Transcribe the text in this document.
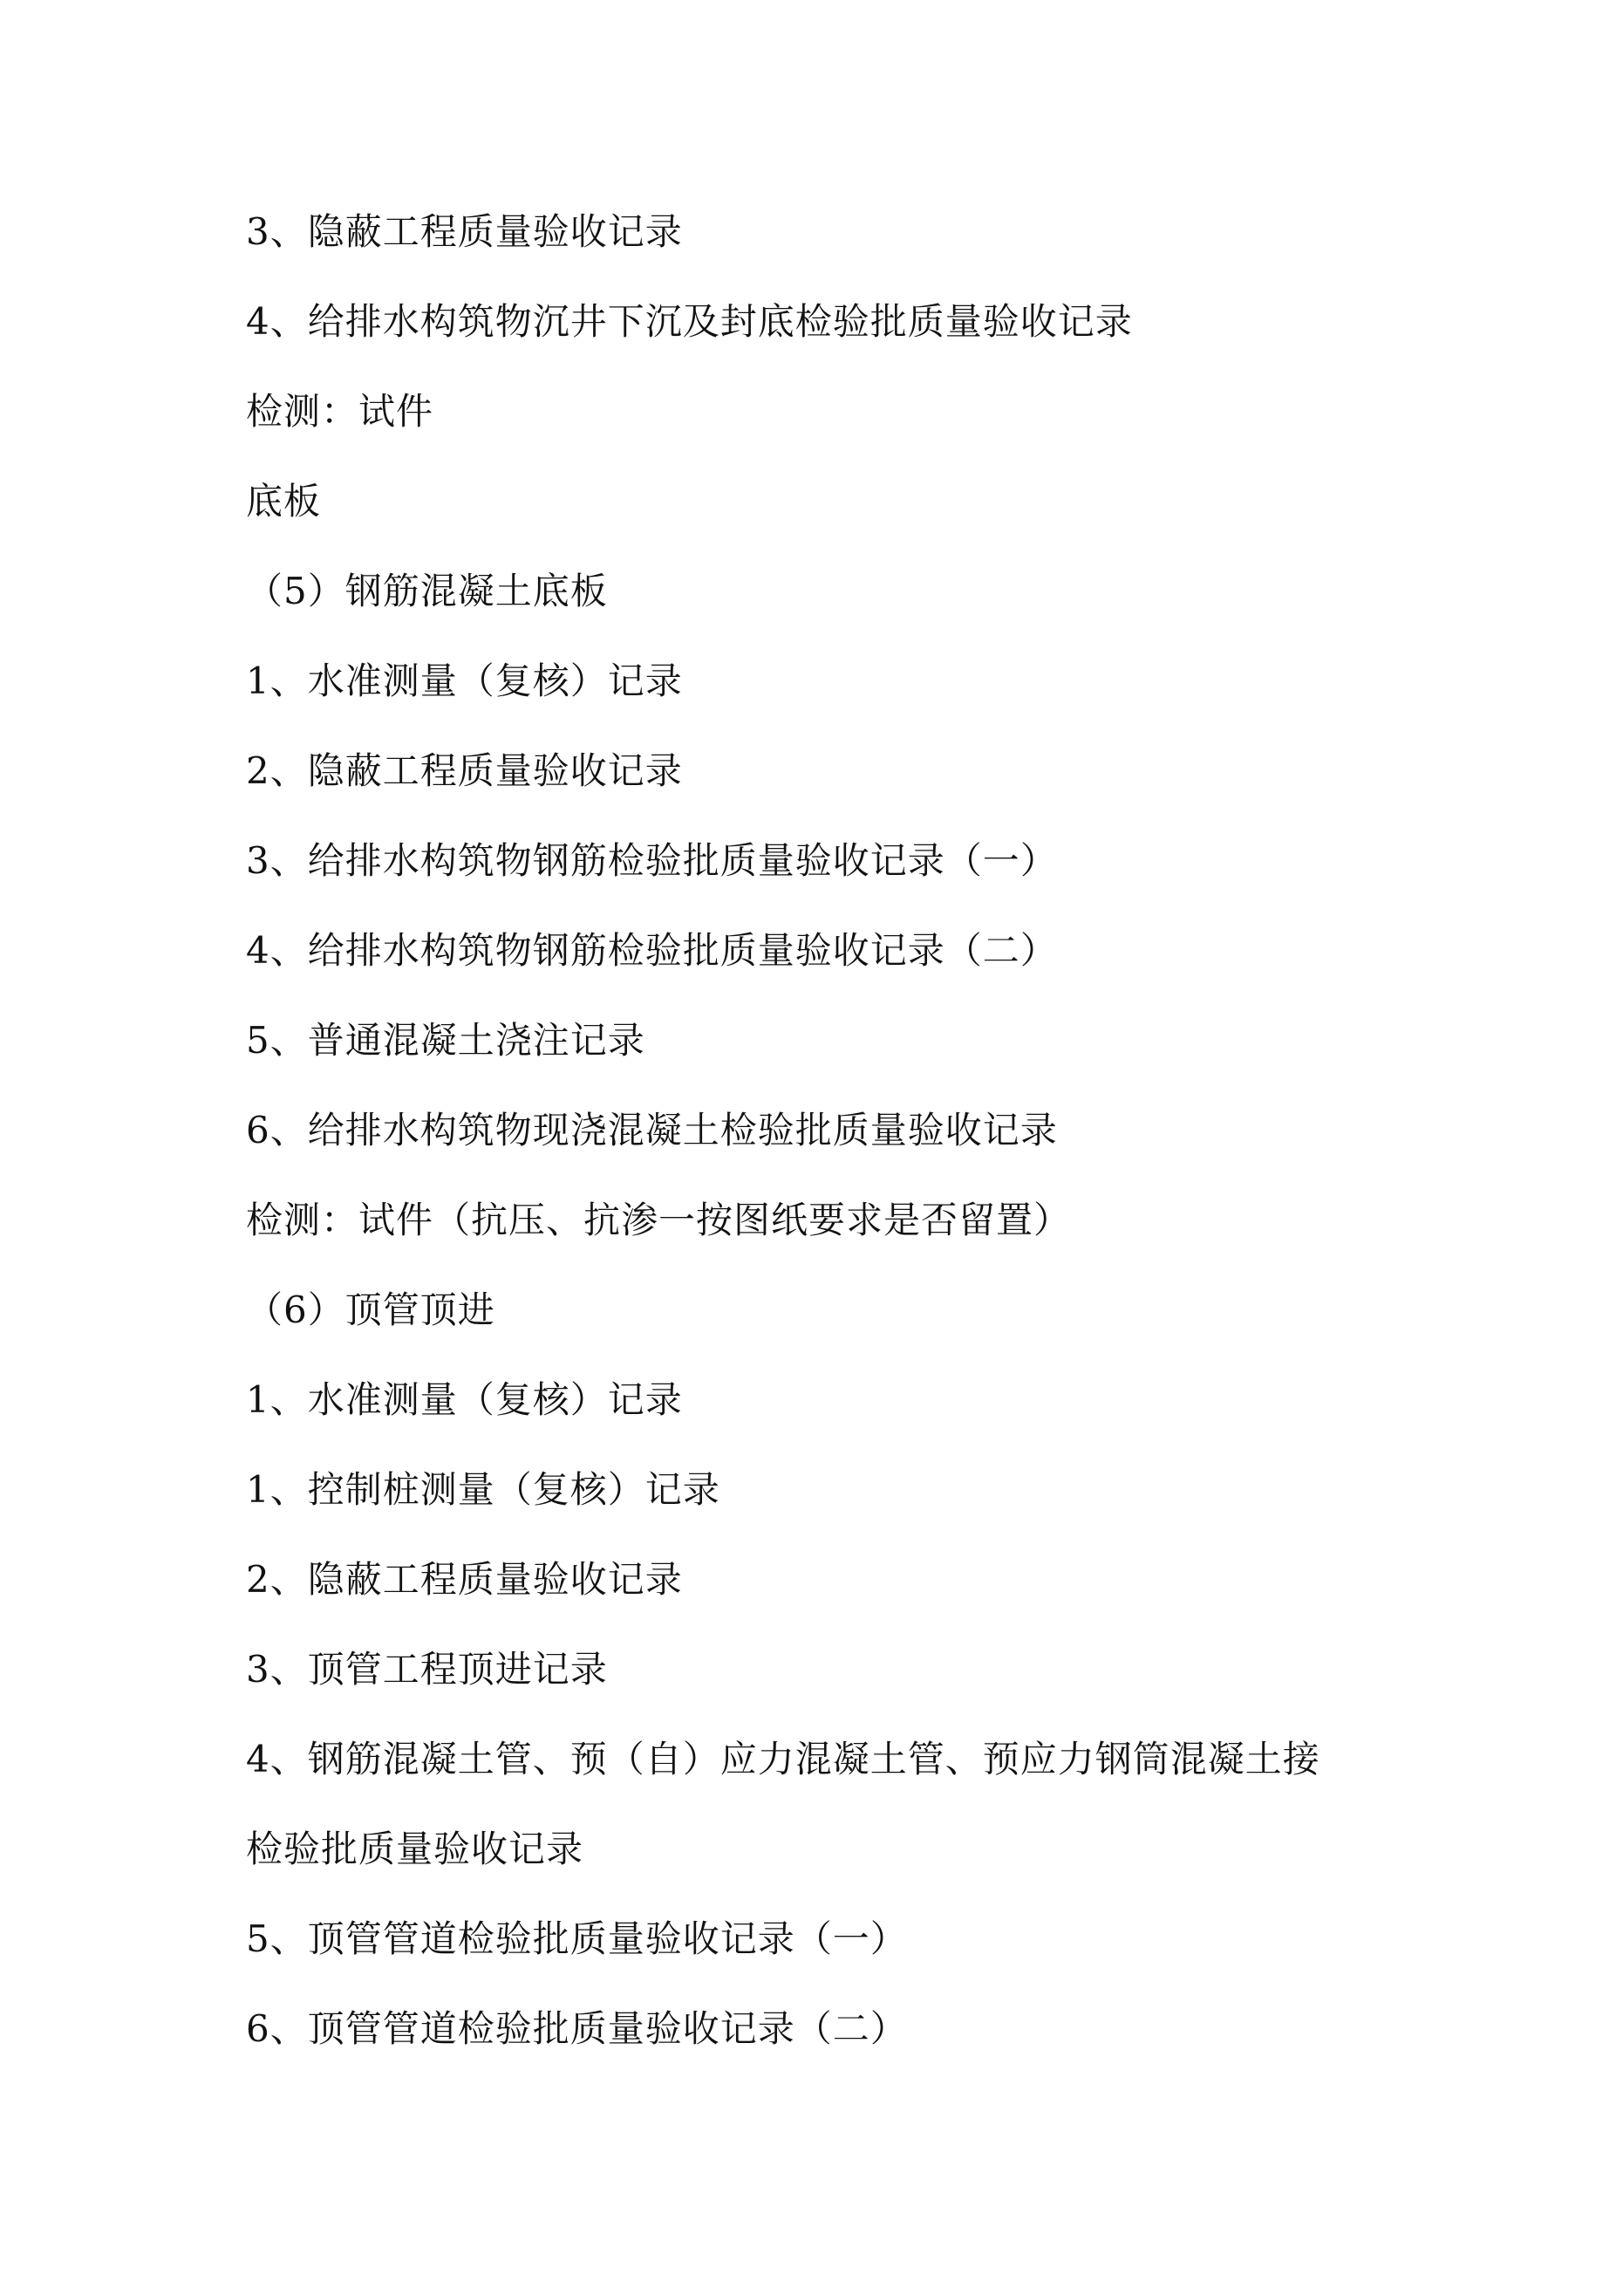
3、隐蔽工程质量验收记录
4、给排水构筑物沉井下沉及封底检验批质量验收记录
检测：试件
底板
（5）钢筋混凝土底板
1、水准测量（复核）记录
2、隐蔽工程质量验收记录
3、给排水构筑物钢筋检验批质量验收记录（一）
4、给排水构筑物钢筋检验批质量验收记录（二）
5、普通混凝土浇注记录
6、给排水构筑物现浇混凝土检验批质量验收记录
检测：试件（抗压、抗渗一按图纸要求是否留置）
（6）顶管顶进
1、水准测量（复核）记录
1、控制桩测量（复核）记录
2、隐蔽工程质量验收记录
3、顶管工程顶进记录
4、钢筋混凝土管、预（自）应力混凝土管、预应力钢筒混凝土接
检验批质量验收记录
5、顶管管道检验批质量验收记录（一）
6、顶管管道检验批质量验收记录（二）
